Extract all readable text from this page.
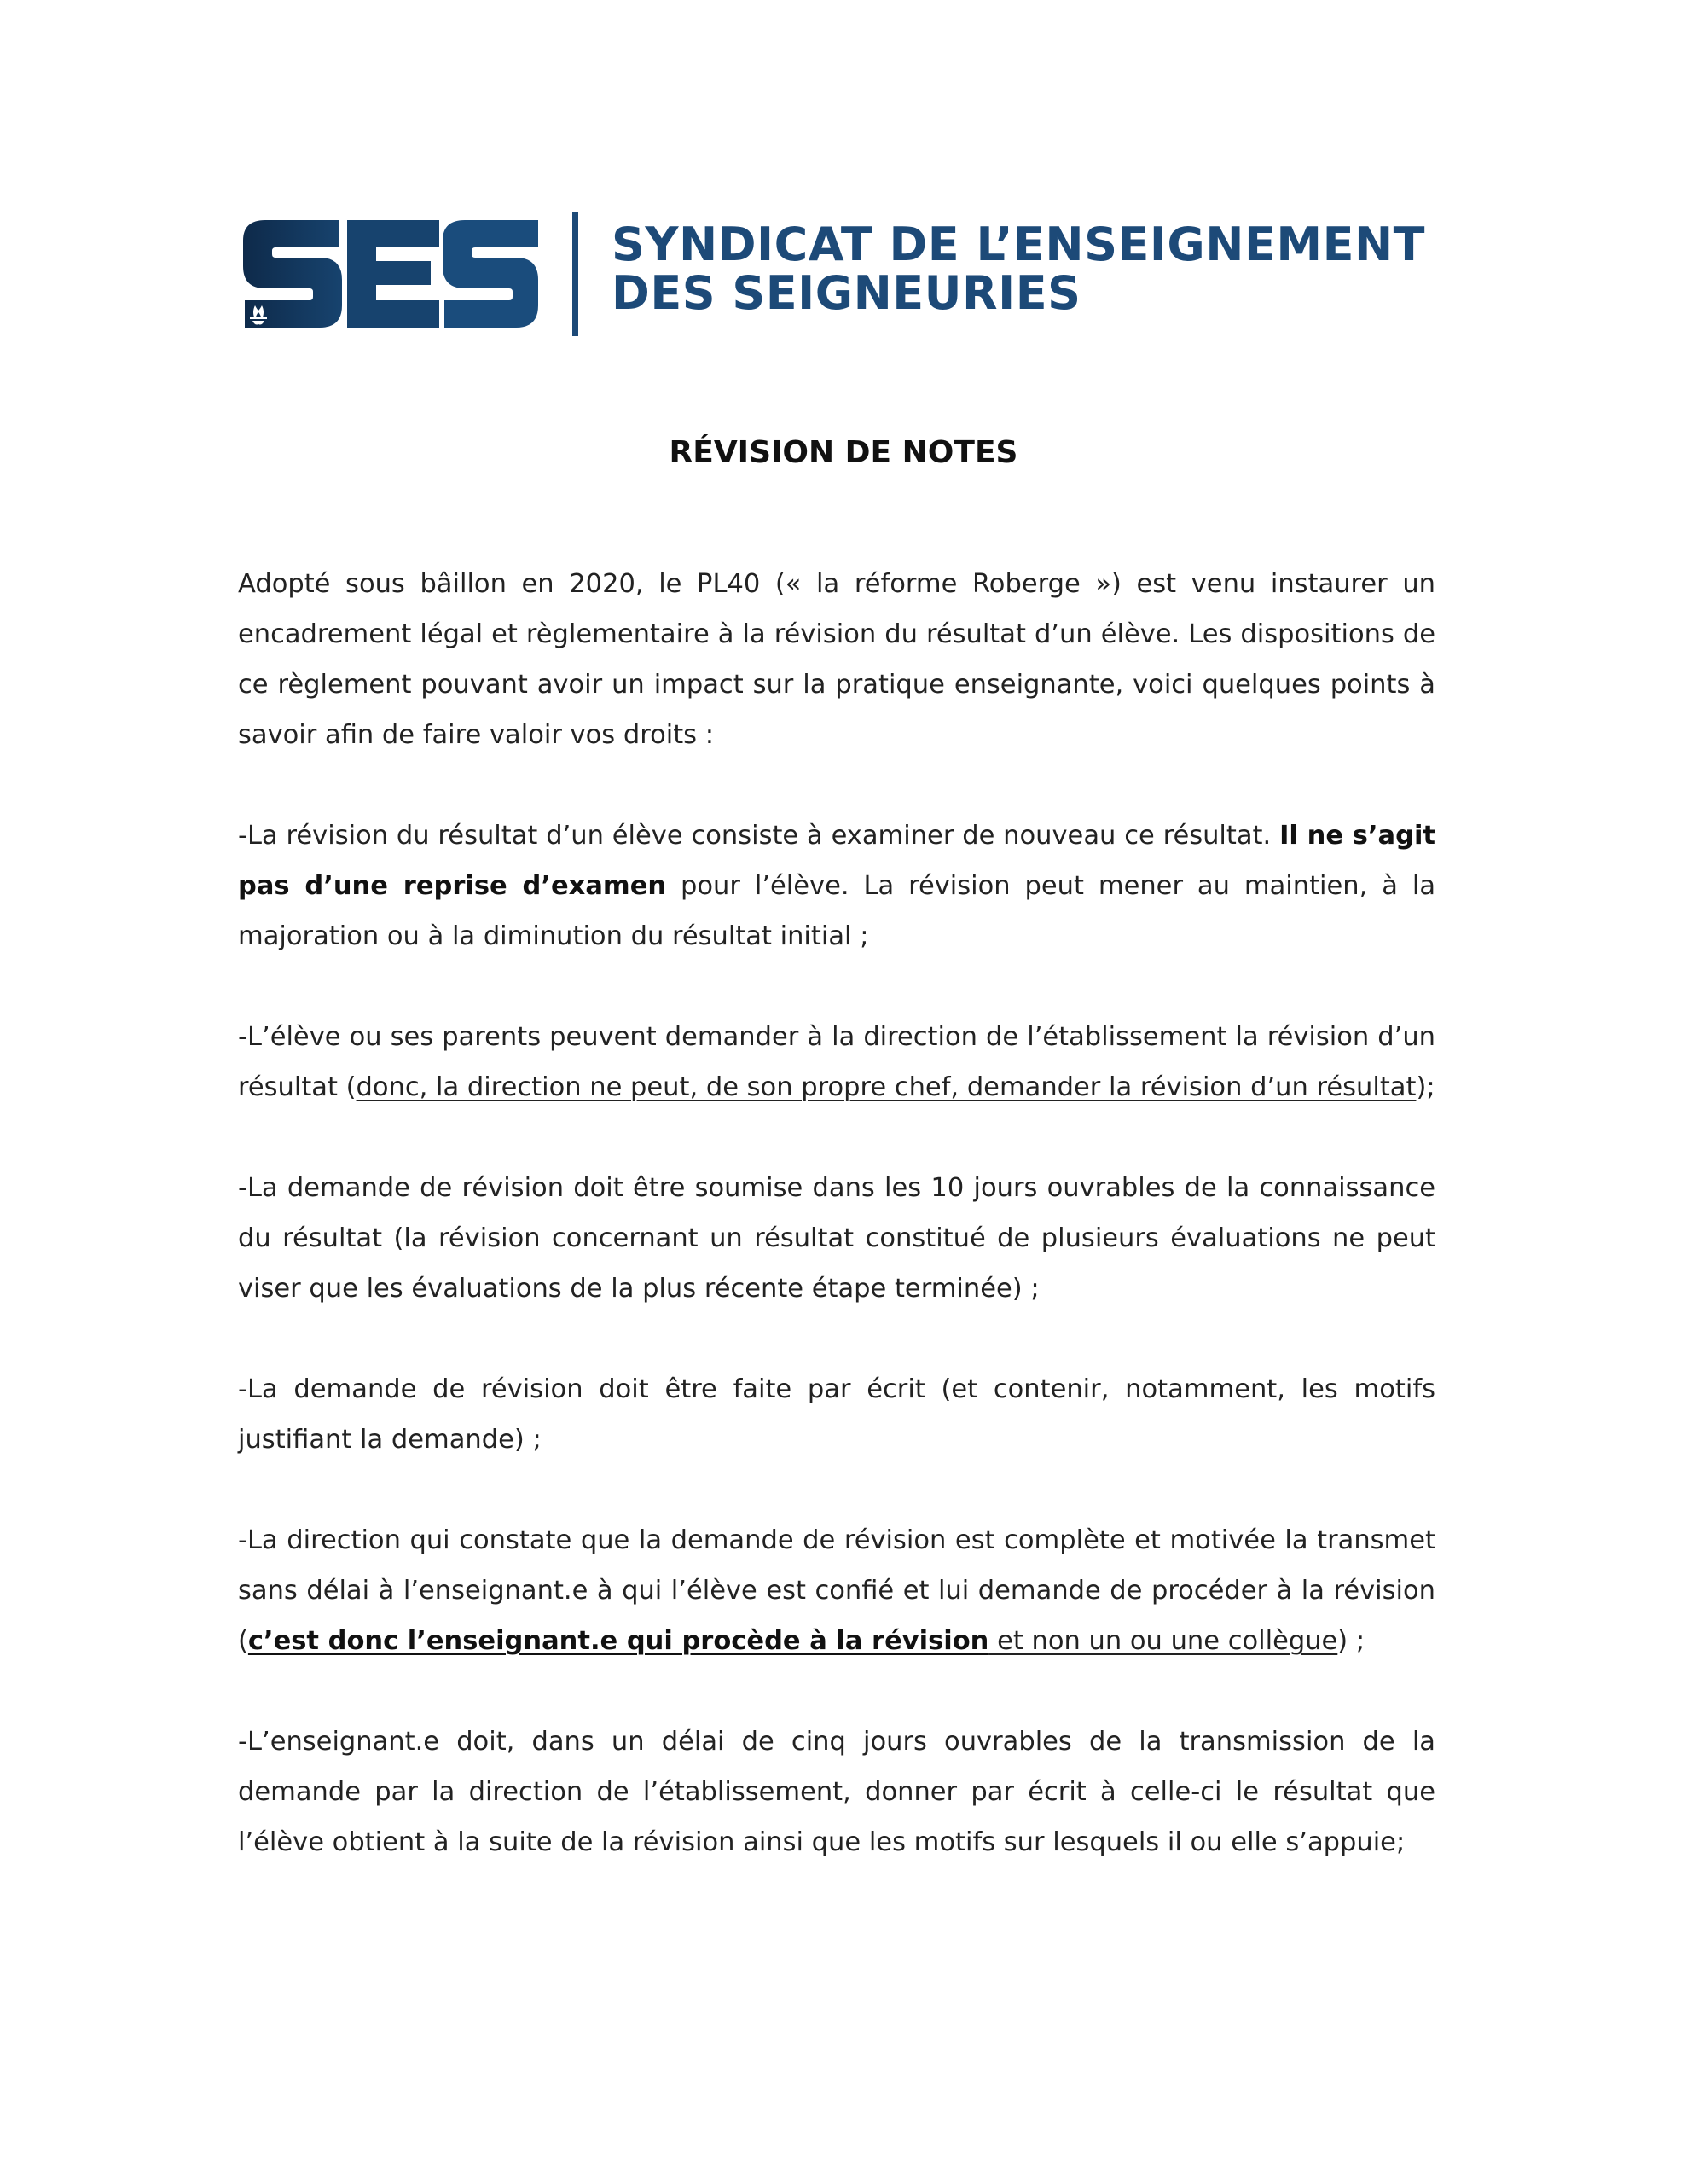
SYNDICAT DE L’ENSEIGNEMENT
DES SEIGNEURIES
RÉVISION DE NOTES

Adopté sous bâillon en 2020, le PL40 (« la réforme Roberge ») est venu instaurer un encadrement légal et règlementaire à la révision du résultat d’un élève. Les dispositions de ce règlement pouvant avoir un impact sur la pratique enseignante, voici quelques points à savoir afin de faire valoir vos droits :

-La révision du résultat d’un élève consiste à examiner de nouveau ce résultat. Il ne s’agit pas d’une reprise d’examen pour l’élève. La révision peut mener au maintien, à la majoration ou à la diminution du résultat initial ;

-L’élève ou ses parents peuvent demander à la direction de l’établissement la révision d’un résultat (donc, la direction ne peut, de son propre chef, demander la révision d’un résultat);

-La demande de révision doit être soumise dans les 10 jours ouvrables de la connaissance du résultat (la révision concernant un résultat constitué de plusieurs évaluations ne peut viser que les évaluations de la plus récente étape terminée) ;

-La demande de révision doit être faite par écrit (et contenir, notamment, les motifs justifiant la demande) ;

-La direction qui constate que la demande de révision est complète et motivée la transmet sans délai à l’enseignant.e à qui l’élève est confié et lui demande de procéder à la révision (c’est donc l’enseignant.e qui procède à la révision et non un ou une collègue) ;

-L’enseignant.e doit, dans un délai de cinq jours ouvrables de la transmission de la demande par la direction de l’établissement, donner par écrit à celle-ci le résultat que l’élève obtient à la suite de la révision ainsi que les motifs sur lesquels il ou elle s’appuie;
